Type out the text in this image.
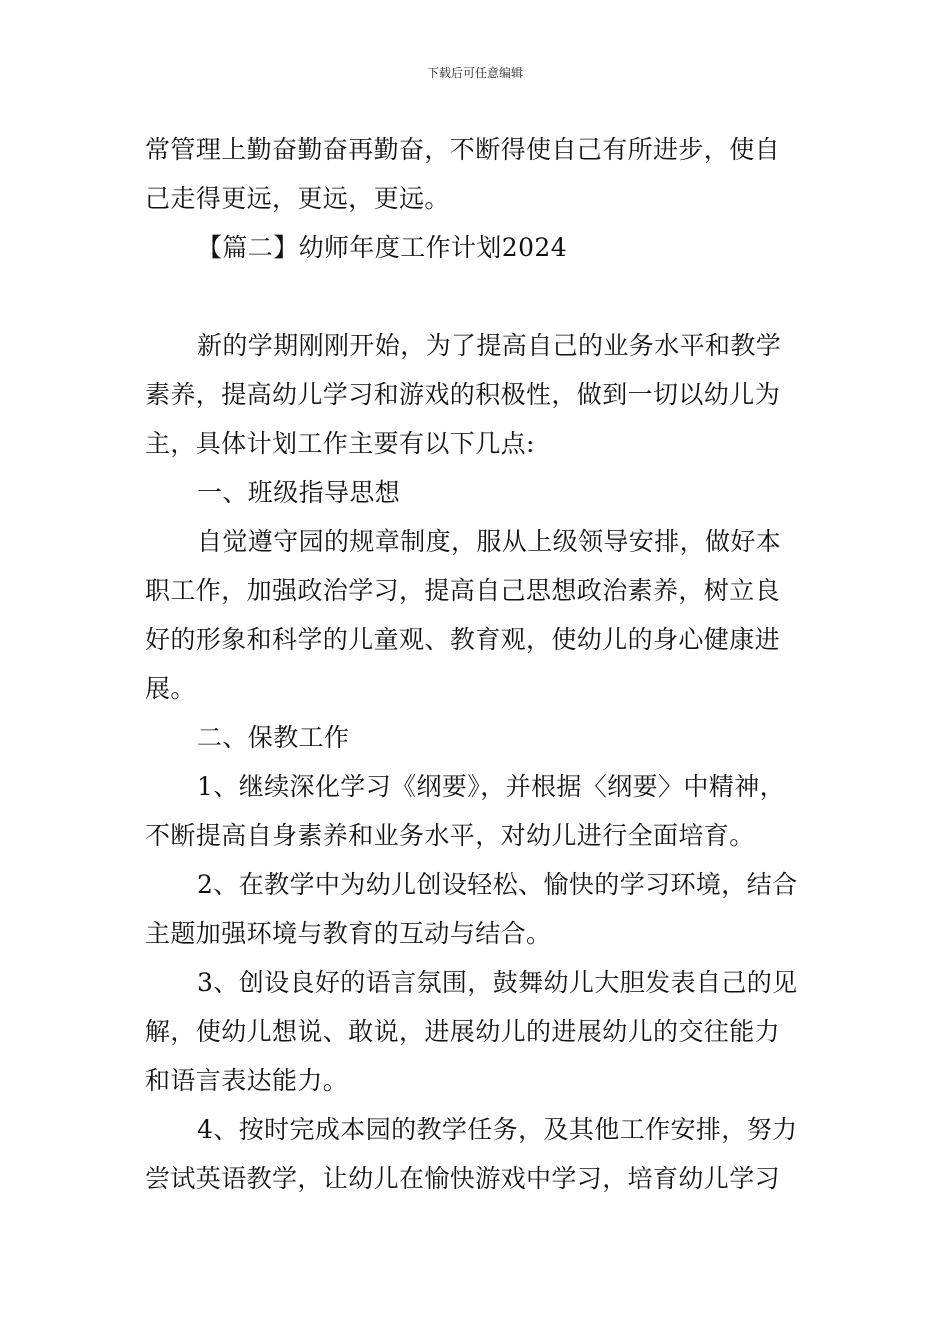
下载后可任意编辑
常管理上勤奋勤奋再勤奋，不断得使自己有所进步，使自
己走得更远，更远，更远。
【篇二】幼师年度工作计划2024
新的学期刚刚开始，为了提高自己的业务水平和教学
素养，提高幼儿学习和游戏的积极性，做到一切以幼儿为
主，具体计划工作主要有以下几点:
一、班级指导思想
自觉遵守园的规章制度，服从上级领导安排，做好本
职工作，加强政治学习，提高自己思想政治素养，树立良
好的形象和科学的儿童观、教育观，使幼儿的身心健康进
展。
二、保教工作
1、继续深化学习《纲要》，并根据〈纲要〉中精神，
不断提高自身素养和业务水平，对幼儿进行全面培育。
2、在教学中为幼儿创设轻松、愉快的学习环境，结合
主题加强环境与教育的互动与结合。
3、创设良好的语言氛围，鼓舞幼儿大胆发表自己的见
解，使幼儿想说、敢说，进展幼儿的进展幼儿的交往能力
和语言表达能力。
4、按时完成本园的教学任务，及其他工作安排，努力
尝试英语教学，让幼儿在愉快游戏中学习，培育幼儿学习
